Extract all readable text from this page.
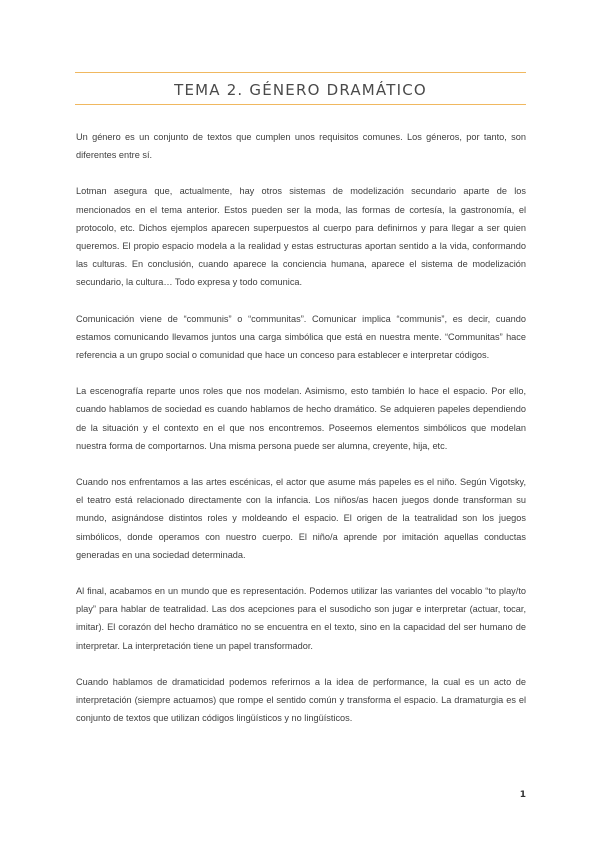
TEMA 2. GÉNERO DRAMÁTICO

Un género es un conjunto de textos que cumplen unos requisitos comunes. Los géneros, por tanto, son diferentes entre sí.

Lotman asegura que, actualmente, hay otros sistemas de modelización secundario aparte de los mencionados en el tema anterior. Estos pueden ser la moda, las formas de cortesía, la gastronomía, el protocolo, etc. Dichos ejemplos aparecen superpuestos al cuerpo para definirnos y para llegar a ser quien queremos. El propio espacio modela a la realidad y estas estructuras aportan sentido a la vida, conformando las culturas. En conclusión, cuando aparece la conciencia humana, aparece el sistema de modelización secundario, la cultura… Todo expresa y todo comunica.

Comunicación viene de “communis” o “communitas”. Comunicar implica “communis”, es decir, cuando estamos comunicando llevamos juntos una carga simbólica que está en nuestra mente. “Communitas” hace referencia a un grupo social o comunidad que hace un conceso para establecer e interpretar códigos.

La escenografía reparte unos roles que nos modelan. Asimismo, esto también lo hace el espacio. Por ello, cuando hablamos de sociedad es cuando hablamos de hecho dramático. Se adquieren papeles dependiendo de la situación y el contexto en el que nos encontremos. Poseemos elementos simbólicos que modelan nuestra forma de comportarnos. Una misma persona puede ser alumna, creyente, hija, etc.

Cuando nos enfrentamos a las artes escénicas, el actor que asume más papeles es el niño. Según Vigotsky, el teatro está relacionado directamente con la infancia. Los niños/as hacen juegos donde transforman su mundo, asignándose distintos roles y moldeando el espacio. El origen de la teatralidad son los juegos simbólicos, donde operamos con nuestro cuerpo. El niño/a aprende por imitación aquellas conductas generadas en una sociedad determinada.

Al final, acabamos en un mundo que es representación. Podemos utilizar las variantes del vocablo “to play/to play” para hablar de teatralidad. Las dos acepciones para el susodicho son jugar e interpretar (actuar, tocar, imitar). El corazón del hecho dramático no se encuentra en el texto, sino en la capacidad del ser humano de interpretar. La interpretación tiene un papel transformador.

Cuando hablamos de dramaticidad podemos referirnos a la idea de performance, la cual es un acto de interpretación (siempre actuamos) que rompe el sentido común y transforma el espacio. La dramaturgia es el conjunto de textos que utilizan códigos lingüísticos y no lingüísticos.

1
